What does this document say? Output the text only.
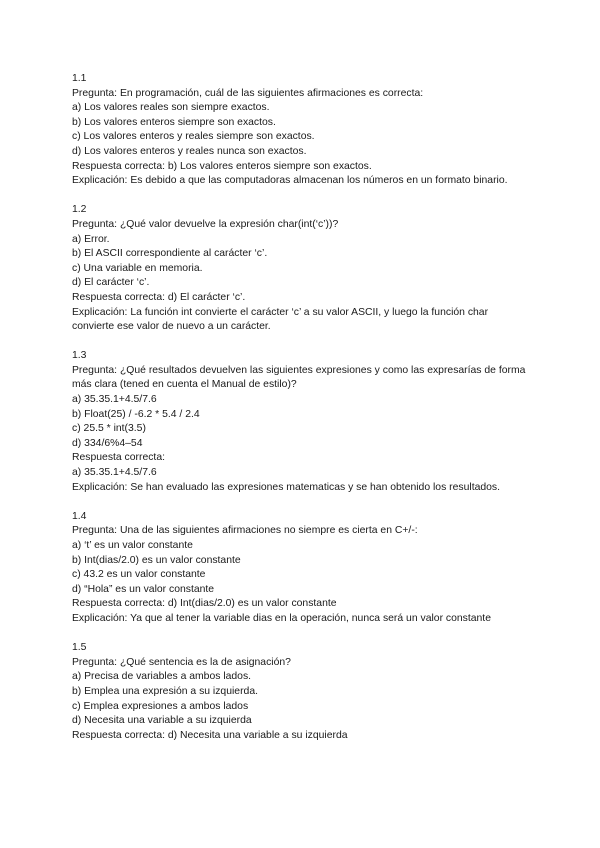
1.1
Pregunta: En programación, cuál de las siguientes afirmaciones es correcta:
a) Los valores reales son siempre exactos.
b) Los valores enteros siempre son exactos.
c) Los valores enteros y reales siempre son exactos.
d) Los valores enteros y reales nunca son exactos.
Respuesta correcta: b) Los valores enteros siempre son exactos.
Explicación: Es debido a que las computadoras almacenan los números en un formato binario.
1.2
Pregunta: ¿Qué valor devuelve la expresión char(int(‘c’))?
a) Error.
b) El ASCII correspondiente al carácter ‘c’.
c) Una variable en memoria.
d) El carácter ‘c’.
Respuesta correcta: d) El carácter ‘c’.
Explicación: La función int convierte el carácter ‘c’ a su valor ASCII, y luego la función char convierte ese valor de nuevo a un carácter.
1.3
Pregunta: ¿Qué resultados devuelven las siguientes expresiones y como las expresarías de forma más clara (tened en cuenta el Manual de estilo)?
a) 35.35.1+4.5/7.6
b) Float(25) / -6.2 * 5.4 / 2.4
c) 25.5 * int(3.5)
d) 334/6%4–54
Respuesta correcta:
a) 35.35.1+4.5/7.6
Explicación: Se han evaluado las expresiones matematicas y se han obtenido los resultados.
1.4
Pregunta: Una de las siguientes afirmaciones no siempre es cierta en C+/-:
a) ‘t’ es un valor constante
b) Int(dias/2.0) es un valor constante
c) 43.2 es un valor constante
d) “Hola” es un valor constante
Respuesta correcta: d) Int(dias/2.0) es un valor constante
Explicación: Ya que al tener la variable dias en la operación, nunca será un valor constante
1.5
Pregunta: ¿Qué sentencia es la de asignación?
a) Precisa de variables a ambos lados.
b) Emplea una expresión a su izquierda.
c) Emplea expresiones a ambos lados
d) Necesita una variable a su izquierda
Respuesta correcta: d) Necesita una variable a su izquierda
